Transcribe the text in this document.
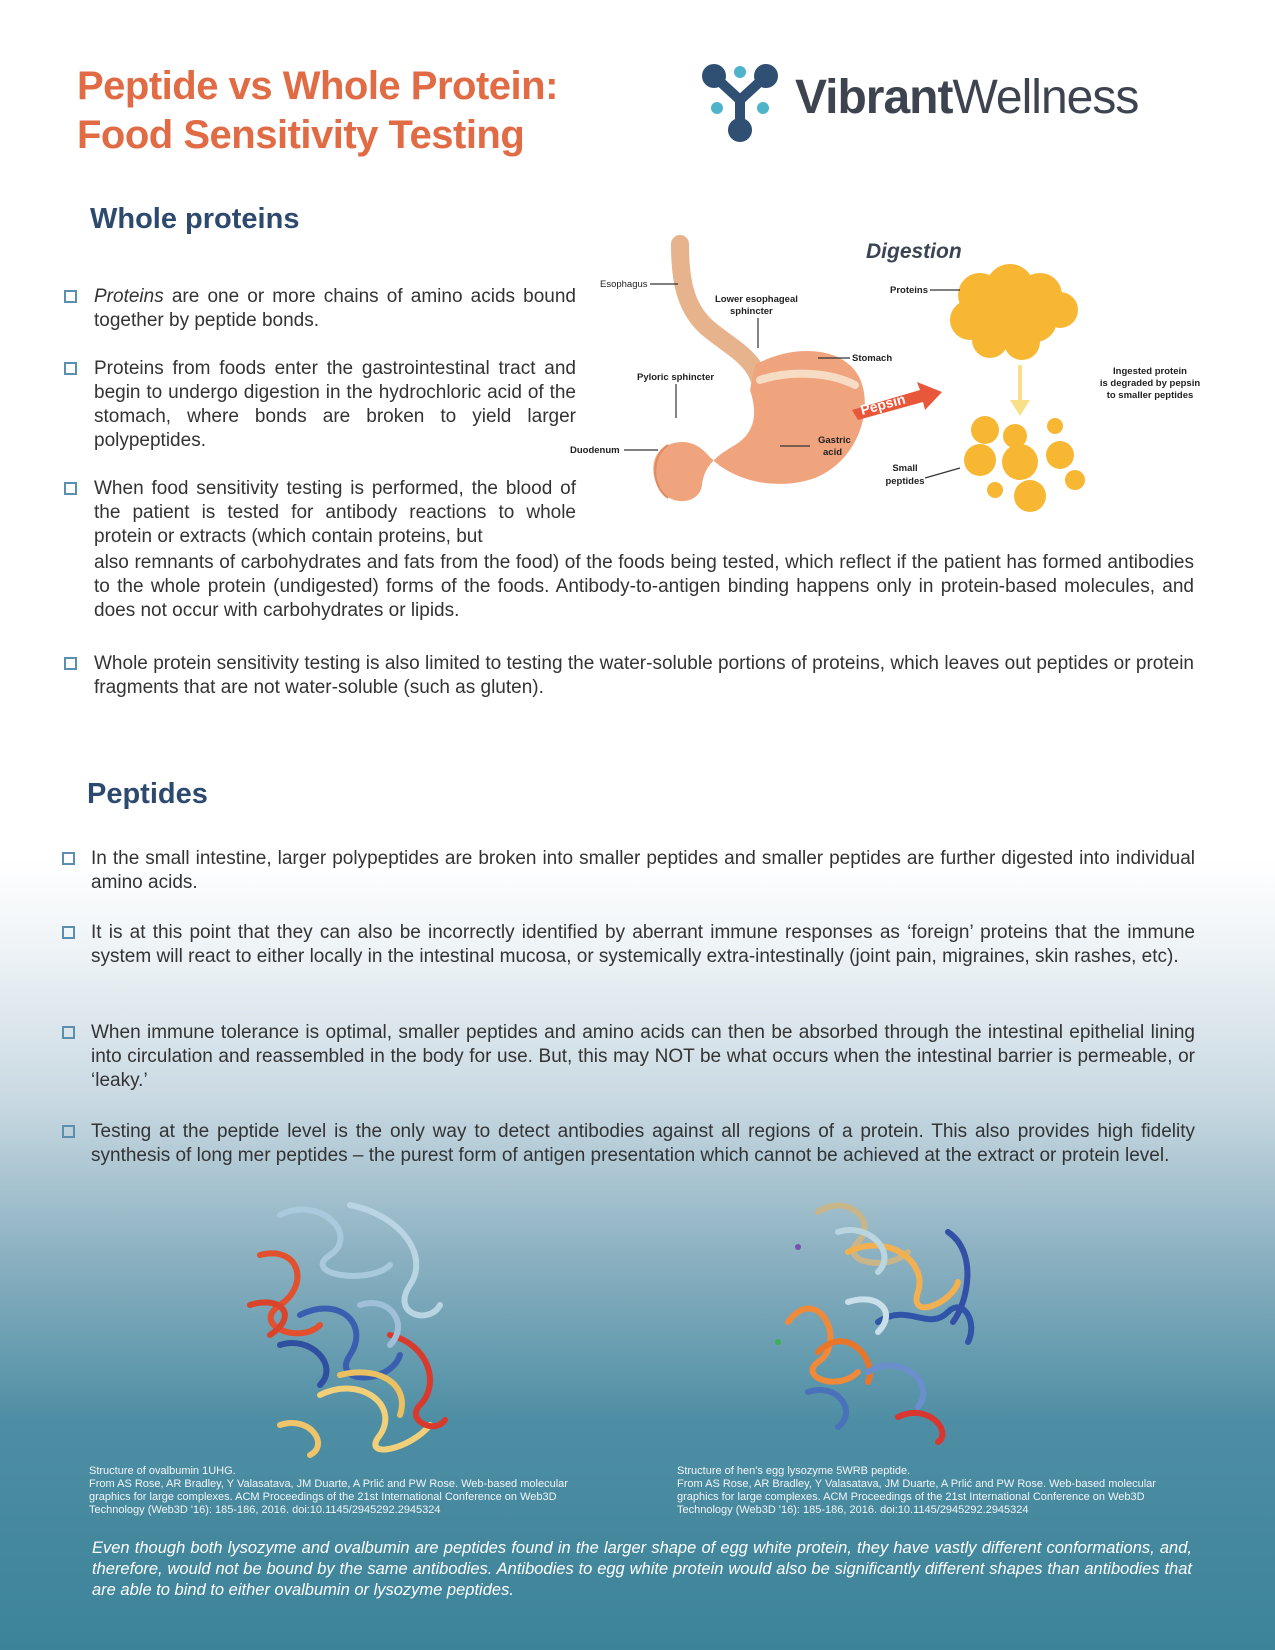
Peptide vs Whole Protein:
Food Sensitivity Testing
VibrantWellness
Whole proteins

Proteins are one or more chains of amino acids bound together by peptide bonds.

Proteins from foods enter the gastrointestinal tract and begin to undergo digestion in the hydrochloric acid of the stomach, where bonds are broken to yield larger polypeptides.

When food sensitivity testing is performed, the blood of the patient is tested for antibody reactions to whole protein or extracts (which contain proteins, but

also remnants of carbohydrates and fats from the food) of the foods being tested, which reflect if the patient has formed antibodies to the whole protein (undigested) forms of the foods. Antibody-to-antigen binding happens only in protein-based molecules, and does not occur with carbohydrates or lipids.

Whole protein sensitivity testing is also limited to testing the water-soluble portions of proteins, which leaves out peptides or protein fragments that are not water-soluble (such as gluten).

Digestion
Esophagus
Lower esophageal
sphincter
Stomach
Pyloric sphincter
Gastric
acid
Duodenum
Pepsin
Proteins
Ingested protein
is degraded by pepsin
to smaller peptides
Small
peptides
Peptides

In the small intestine, larger polypeptides are broken into smaller peptides and smaller peptides are further digested into individual amino acids.

It is at this point that they can also be incorrectly identified by aberrant immune responses as ‘foreign’ proteins that the immune system will react to either locally in the intestinal mucosa, or systemically extra-intestinally (joint pain, migraines, skin rashes, etc).

When immune tolerance is optimal, smaller peptides and amino acids can then be absorbed through the intestinal epithelial lining into circulation and reassembled in the body for use. But, this may NOT be what occurs when the intestinal barrier is permeable, or ‘leaky.’

Testing at the peptide level is the only way to detect antibodies against all regions of a protein. This also provides high fidelity synthesis of long mer peptides – the purest form of antigen presentation which cannot be achieved at the extract or protein level.

Structure of ovalbumin 1UHG.

From AS Rose, AR Bradley, Y Valasatava, JM Duarte, A Prlić and PW Rose. Web-based molecular

graphics for large complexes. ACM Proceedings of the 21st International Conference on Web3D

Technology (Web3D '16): 185-186, 2016. doi:10.1145/2945292.2945324

Structure of hen's egg lysozyme 5WRB peptide.

From AS Rose, AR Bradley, Y Valasatava, JM Duarte, A Prlić and PW Rose. Web-based molecular

graphics for large complexes. ACM Proceedings of the 21st International Conference on Web3D

Technology (Web3D '16): 185-186, 2016. doi:10.1145/2945292.2945324

Even though both lysozyme and ovalbumin are peptides found in the larger shape of egg white protein, they have vastly different conformations, and, therefore, would not be bound by the same antibodies. Antibodies to egg white protein would also be significantly different shapes than antibodies that are able to bind to either ovalbumin or lysozyme peptides.
